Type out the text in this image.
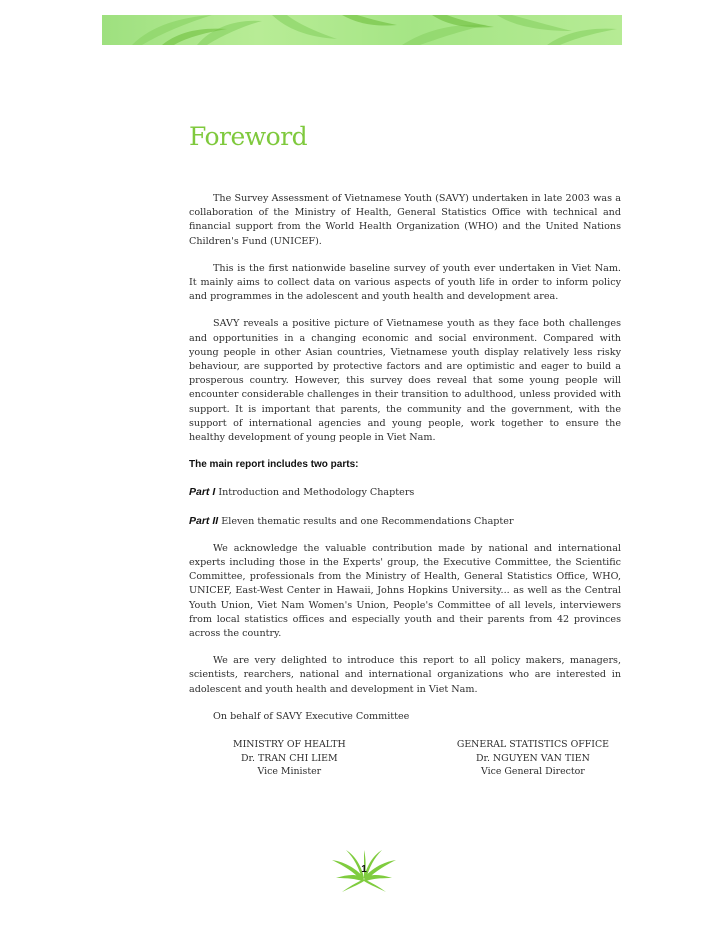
Foreword

The Survey Assessment of Vietnamese Youth (SAVY) undertaken in late 2003 was a collaboration of the Ministry of Health, General Statistics Office with technical and financial support from the World Health Organization (WHO) and the United Nations Children's Fund (UNICEF).

This is the first nationwide baseline survey of youth ever undertaken in Viet Nam. It mainly aims to collect data on various aspects of youth life in order to inform policy and programmes in the adolescent and youth health and development area.

SAVY reveals a positive picture of Vietnamese youth as they face both challenges and opportunities in a changing economic and social environment. Compared with young people in other Asian countries, Vietnamese youth display relatively less risky behaviour, are supported by protective factors and are optimistic and eager to build a prosperous country. However, this survey does reveal that some young people will encounter considerable challenges in their transition to adulthood, unless provided with support. It is important that parents, the community and the government, with the support of international agencies and young people, work together to ensure the healthy development of young people in Viet Nam.

The main report includes two parts:

Part I Introduction and Methodology Chapters

Part II Eleven thematic results and one Recommendations Chapter

We acknowledge the valuable contribution made by national and international experts including those in the Experts' group, the Executive Committee, the Scientific Committee, professionals from the Ministry of Health, General Statistics Office, WHO, UNICEF, East-West Center in Hawaii, Johns Hopkins University... as well as the Central Youth Union, Viet Nam Women's Union, People's Committee of all levels, interviewers from local statistics offices and especially youth and their parents from 42 provinces across the country.

We are very delighted to introduce this report to all policy makers, managers, scientists, rearchers, national and international organizations who are interested in adolescent and youth health and development in Viet Nam.

On behalf of SAVY Executive Committee

MINISTRY OF HEALTH
Dr. TRAN CHI LIEM
Vice Minister
GENERAL STATISTICS OFFICE
Dr. NGUYEN VAN TIEN
Vice General Director
1
